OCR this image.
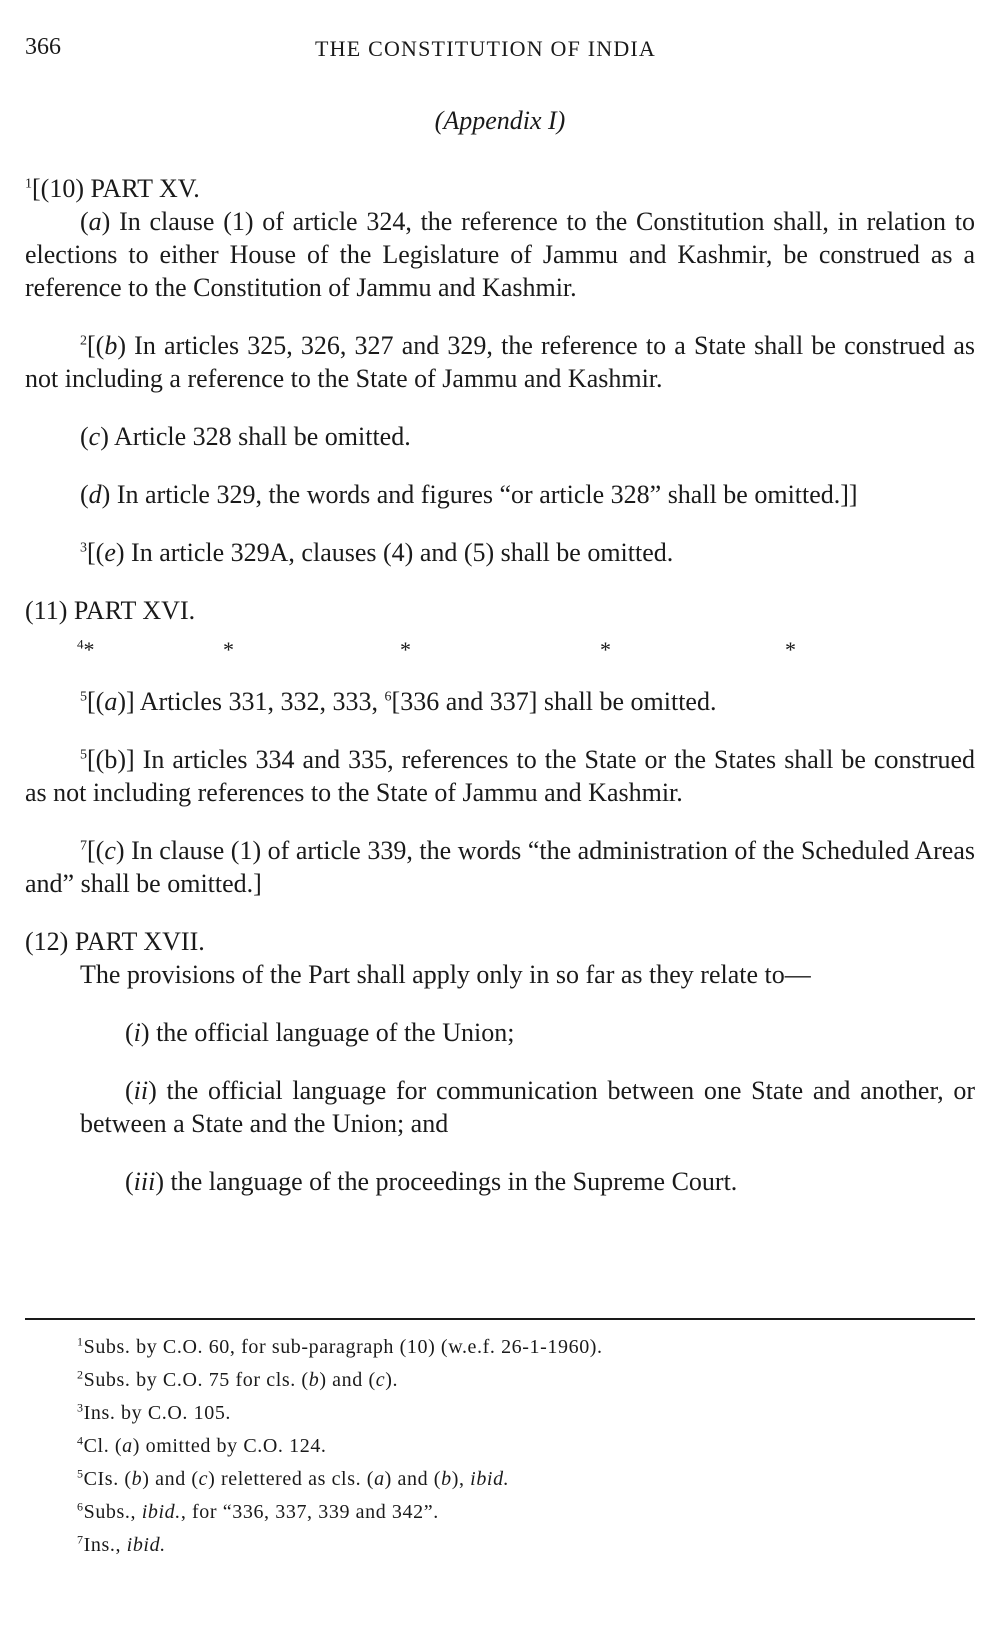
366	THE CONSTITUTION OF INDIA
(Appendix I)

$^1$[(10) PART XV.

(a) In clause (1) of article 324, the reference to the Constitution shall, in relation to elections to either House of the Legislature of Jammu and Kashmir, be construed as a reference to the Constitution of Jammu and Kashmir.

$^2$[(b) In articles 325, 326, 327 and 329, the reference to a State shall be construed as not including a reference to the State of Jammu and Kashmir.

(c) Article 328 shall be omitted.

(d) In article 329, the words and figures “or article 328” shall be omitted.]]

$^3$[(e) In article 329A, clauses (4) and (5) shall be omitted.

(11) PART XVI.

$^4$*	*	*	*	*

$^5$[(a)] Articles 331, 332, 333, $^6$[336 and 337] shall be omitted.

$^5$[(b)] In articles 334 and 335, references to the State or the States shall be construed as not including references to the State of Jammu and Kashmir.

$^7$[(c) In clause (1) of article 339, the words “the administration of the Scheduled Areas and” shall be omitted.]

(12) PART XVII.

The provisions of the Part shall apply only in so far as they relate to—

(i) the official language of the Union;

(ii) the official language for communication between one State and another, or between a State and the Union; and

(iii) the language of the proceedings in the Supreme Court.

$^1$Subs. by C.O. 60, for sub-paragraph (10) (w.e.f. 26-1-1960).

$^2$Subs. by C.O. 75 for cls. (b) and (c).

$^3$Ins. by C.O. 105.

$^4$Cl. (a) omitted by C.O. 124.

$^5$CIs. (b) and (c) relettered as cls. (a) and (b), ibid.

$^6$Subs., ibid., for “336, 337, 339 and 342”.

$^7$Ins., ibid.
